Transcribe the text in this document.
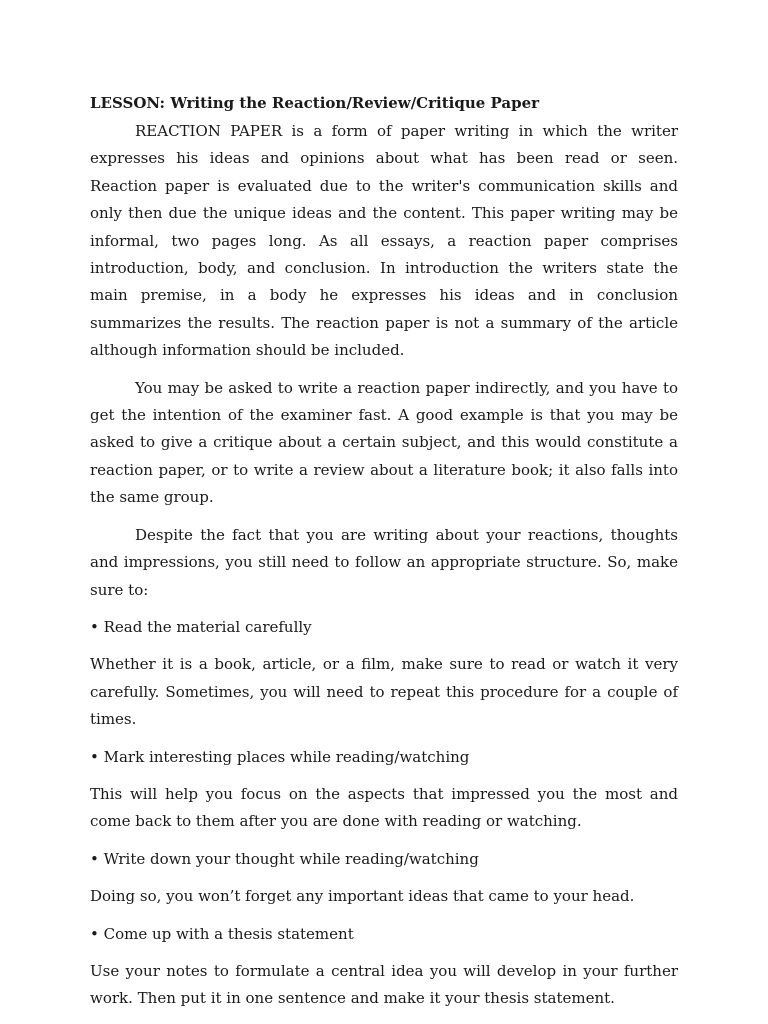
LESSON: Writing the Reaction/Review/Critique Paper

REACTION PAPER is a form of paper writing in which the writer expresses his ideas and opinions about what has been read or seen. Reaction paper is evaluated due to the writer's communication skills and only then due the unique ideas and the content. This paper writing may be informal, two pages long. As all essays, a reaction paper comprises introduction, body, and conclusion. In introduction the writers state the main premise, in a body he expresses his ideas and in conclusion summarizes the results. The reaction paper is not a summary of the article although information should be included.

You may be asked to write a reaction paper indirectly, and you have to get the intention of the examiner fast. A good example is that you may be asked to give a critique about a certain subject, and this would constitute a reaction paper, or to write a review about a literature book; it also falls into the same group.

Despite the fact that you are writing about your reactions, thoughts and impressions, you still need to follow an appropriate structure. So, make sure to:

• Read the material carefully

Whether it is a book, article, or a film, make sure to read or watch it very carefully. Sometimes, you will need to repeat this procedure for a couple of times.

• Mark interesting places while reading/watching

This will help you focus on the aspects that impressed you the most and come back to them after you are done with reading or watching.

• Write down your thought while reading/watching

Doing so, you won’t forget any important ideas that came to your head.

• Come up with a thesis statement

Use your notes to formulate a central idea you will develop in your further work. Then put it in one sentence and make it your thesis statement.
